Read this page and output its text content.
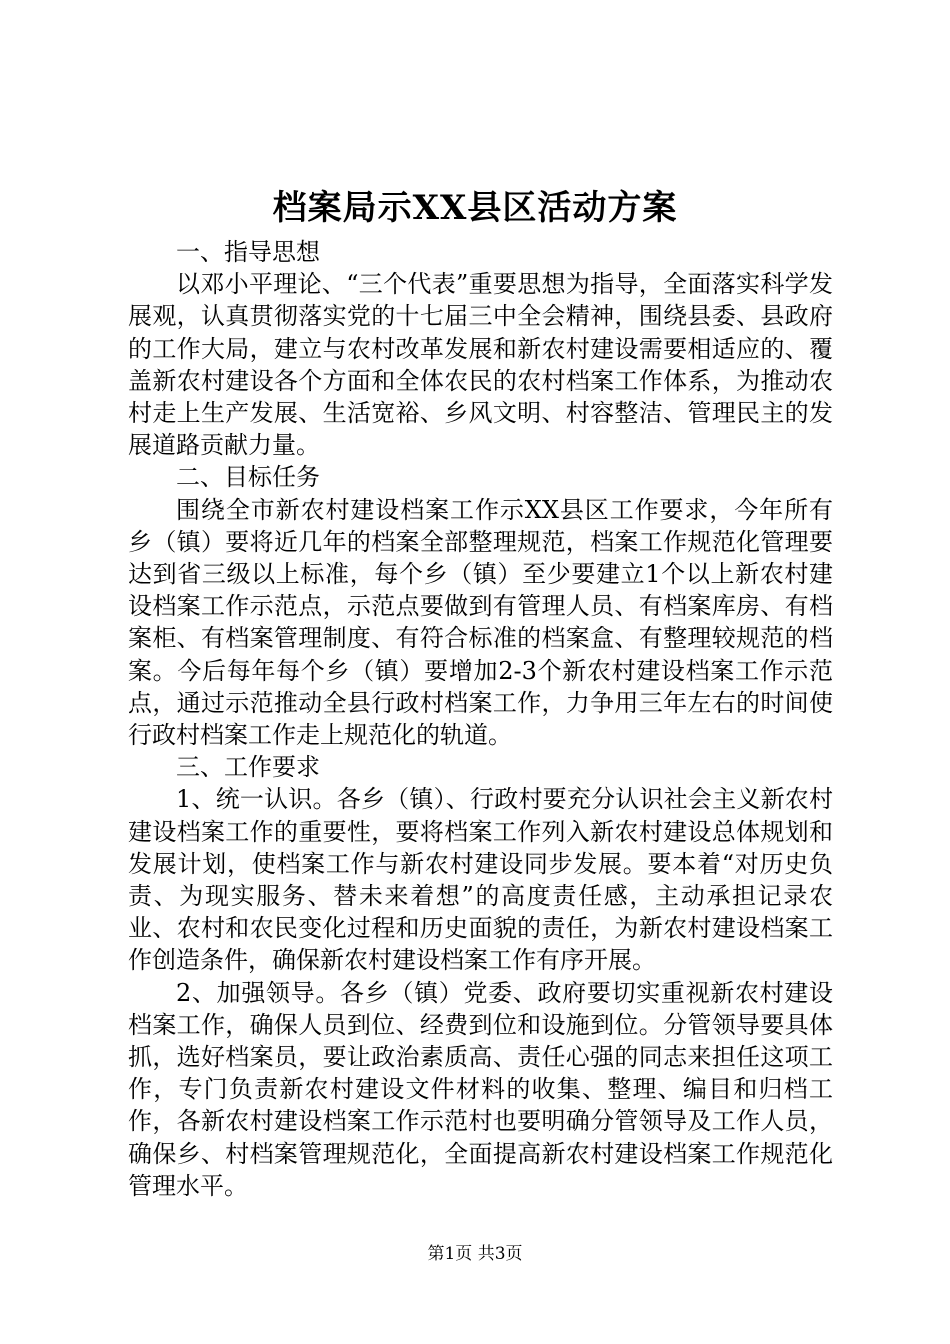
档案局示XX县区活动方案

一、指导思想

以邓小平理论、“三个代表”重要思想为指导，全面落实科学发展观，认真贯彻落实党的十七届三中全会精神，围绕县委、县政府的工作大局，建立与农村改革发展和新农村建设需要相适应的、覆盖新农村建设各个方面和全体农民的农村档案工作体系，为推动农村走上生产发展、生活宽裕、乡风文明、村容整洁、管理民主的发展道路贡献力量。

二、目标任务

围绕全市新农村建设档案工作示XX县区工作要求，今年所有乡（镇）要将近几年的档案全部整理规范，档案工作规范化管理要达到省三级以上标准，每个乡（镇）至少要建立1个以上新农村建设档案工作示范点，示范点要做到有管理人员、有档案库房、有档案柜、有档案管理制度、有符合标准的档案盒、有整理较规范的档案。今后每年每个乡（镇）要增加2-3个新农村建设档案工作示范点，通过示范推动全县行政村档案工作，力争用三年左右的时间使行政村档案工作走上规范化的轨道。

三、工作要求

1、统一认识。各乡（镇）、行政村要充分认识社会主义新农村建设档案工作的重要性，要将档案工作列入新农村建设总体规划和发展计划，使档案工作与新农村建设同步发展。要本着“对历史负责、为现实服务、替未来着想”的高度责任感，主动承担记录农业、农村和农民变化过程和历史面貌的责任，为新农村建设档案工作创造条件，确保新农村建设档案工作有序开展。

2、加强领导。各乡（镇）党委、政府要切实重视新农村建设档案工作，确保人员到位、经费到位和设施到位。分管领导要具体抓，选好档案员，要让政治素质高、责任心强的同志来担任这项工作，专门负责新农村建设文件材料的收集、整理、编目和归档工作，各新农村建设档案工作示范村也要明确分管领导及工作人员，确保乡、村档案管理规范化，全面提高新农村建设档案工作规范化管理水平。

第1页 共3页
